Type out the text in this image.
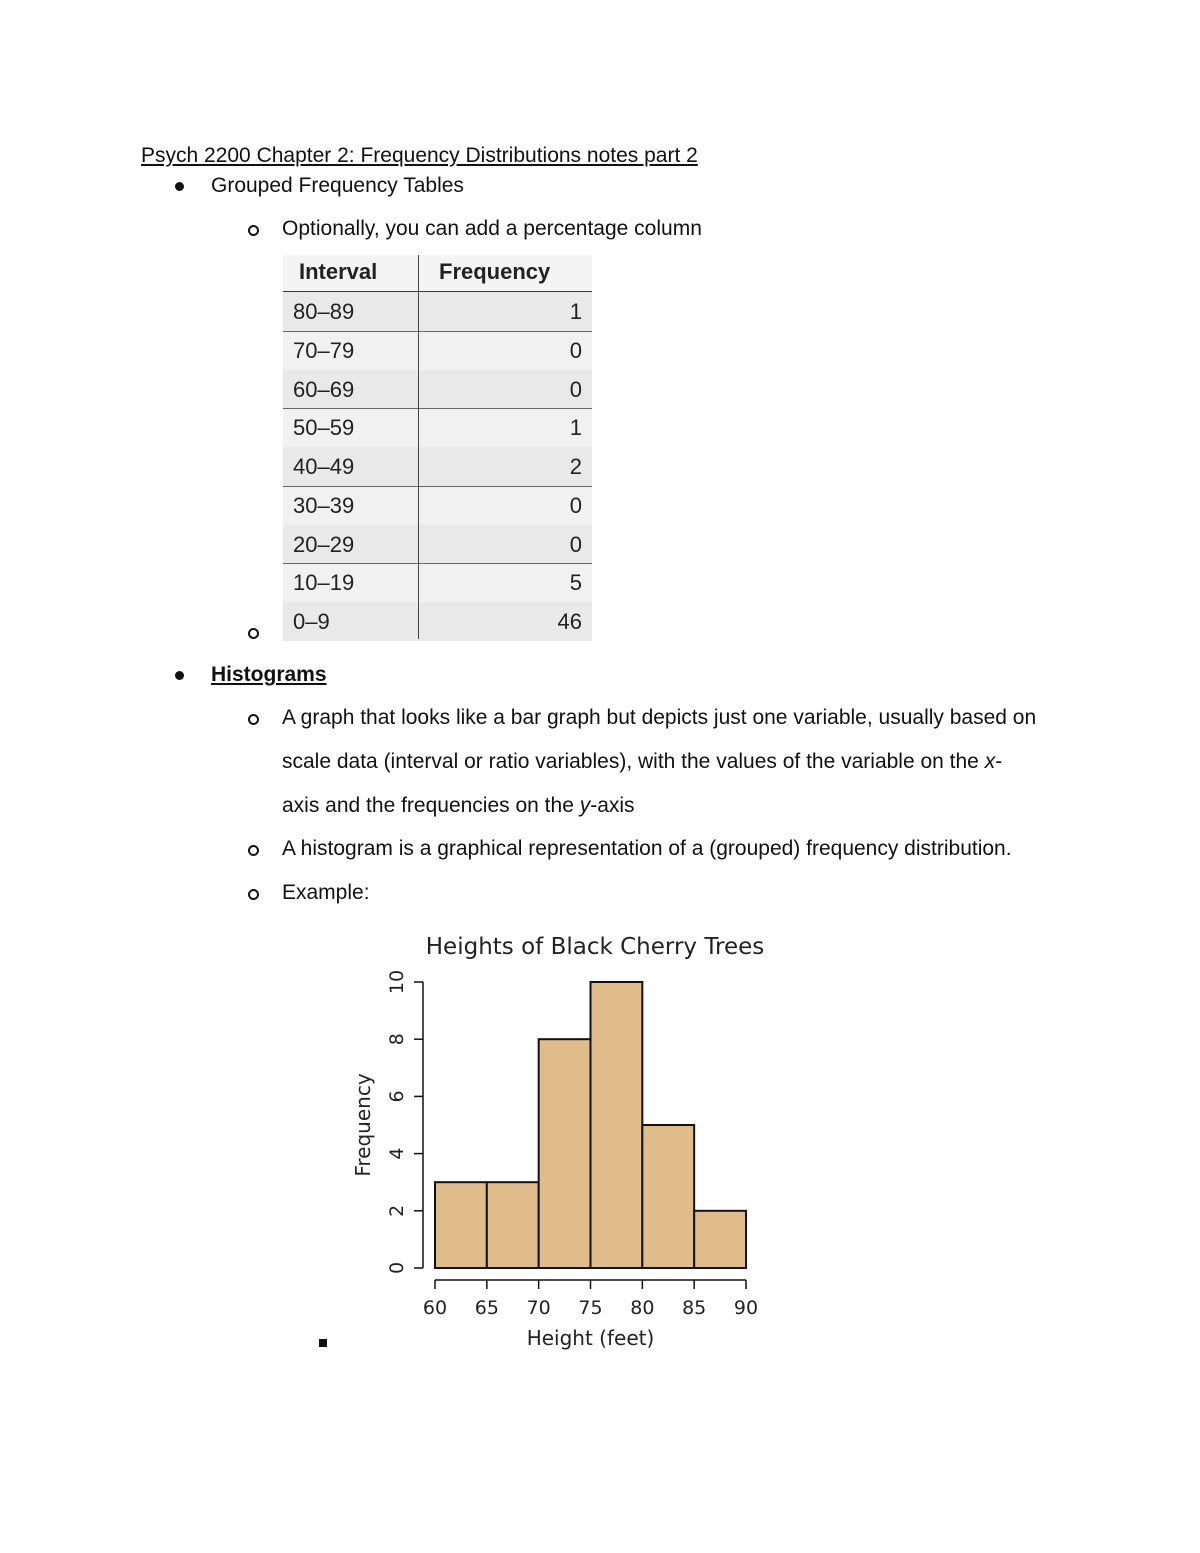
Psych 2200 Chapter 2: Frequency Distributions notes part 2
Grouped Frequency Tables
Optionally, you can add a percentage column
Interval	Frequency
80–89	1
70–79	0
60–69	0
50–59	1
40–49	2
30–39	0
20–29	0
10–19	5
0–9	46
Histograms
A graph that looks like a bar graph but depicts just one variable, usually based on
scale data (interval or ratio variables), with the values of the variable on the x-
axis and the frequencies on the y-axis
A histogram is a graphical representation of a (grouped) frequency distribution.
Example:
Heights of Black Cherry Trees
60 65 70 75 80 85 90
0
2
4
6
8
10
Height (feet)
Frequency
